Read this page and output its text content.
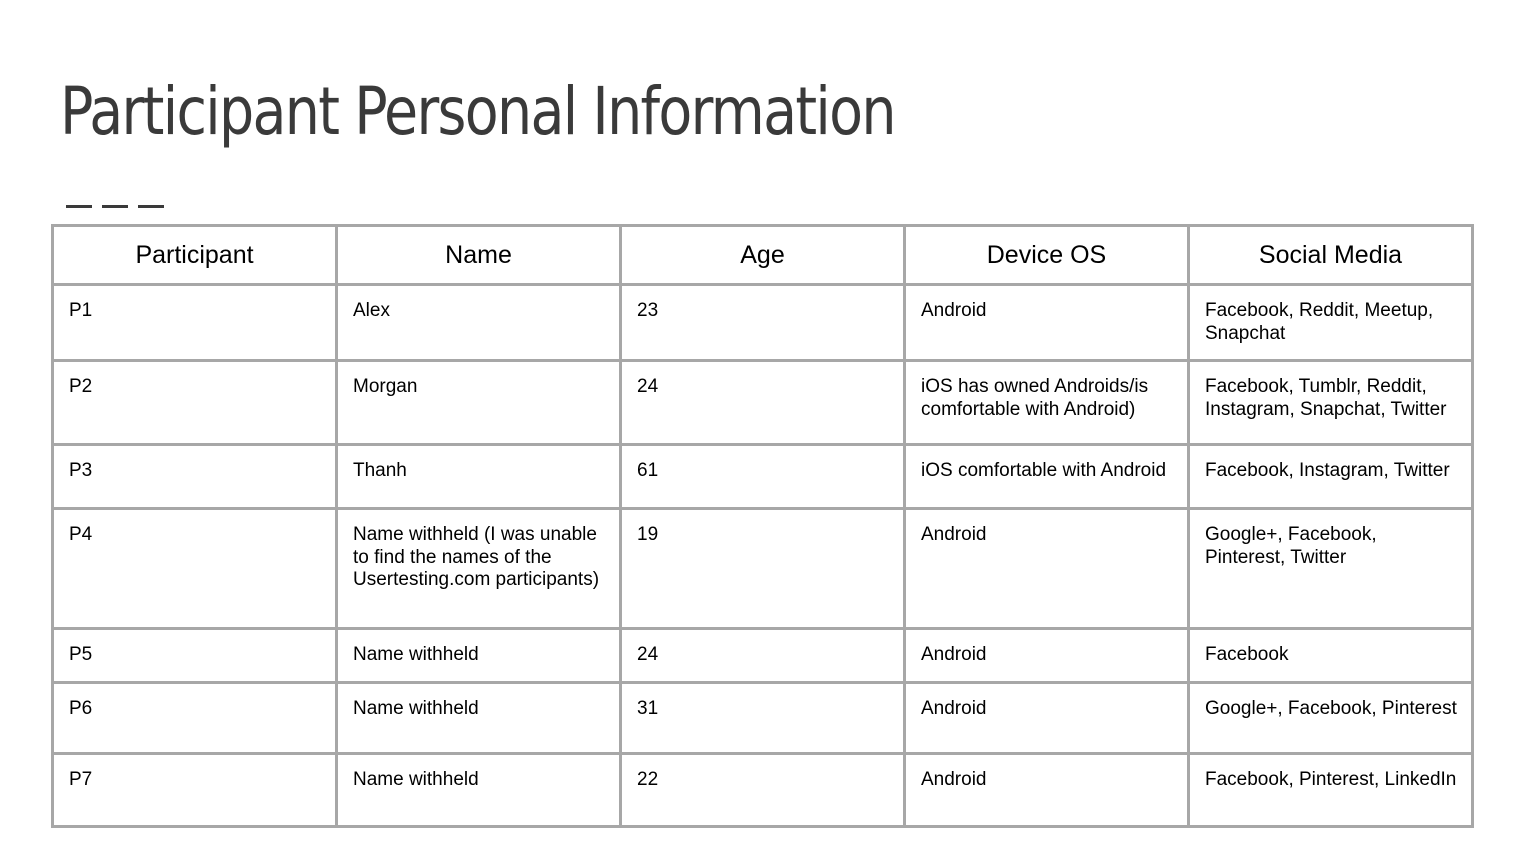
Participant Personal Information
Participant	Name	Age	Device OS	Social Media
P1	Alex	23	Android	Facebook, Reddit, Meetup, Snapchat
P2	Morgan	24	iOS has owned Androids/is comfortable with Android)	Facebook, Tumblr, Reddit, Instagram, Snapchat, Twitter
P3	Thanh	61	iOS comfortable with Android	Facebook, Instagram, Twitter
P4	Name withheld (I was unable to find the names of the Usertesting.com participants)	19	Android	Google+, Facebook, Pinterest, Twitter
P5	Name withheld	24	Android	Facebook
P6	Name withheld	31	Android	Google+, Facebook, Pinterest
P7	Name withheld	22	Android	Facebook, Pinterest, LinkedIn
